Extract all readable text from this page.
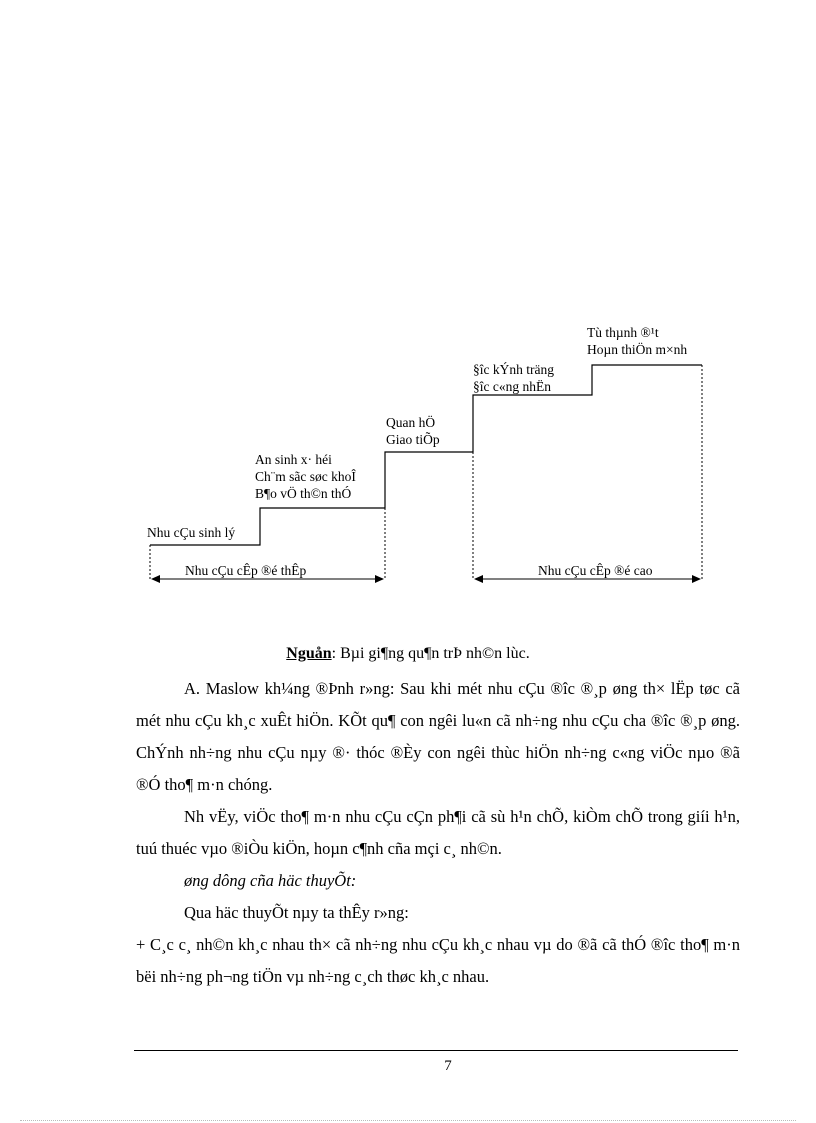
Nhu cÇu sinh lý
An sinh x· héi
Ch¨m sãc søc khoÎ
B¶o vÖ th©n thÓ
Quan hÖ
Giao tiÕp
§îc kÝnh träng
§îc c«ng nhËn
Tù thµnh ®¹t
Hoµn thiÖn m×nh
Nhu cÇu cÊp ®é thÊp	Nhu cÇu cÊp ®é cao
Nguån: Bµi gi¶ng qu¶n trÞ nh©n lùc.
A. Maslow kh¼ng ®Þnh r»ng: Sau khi mét nhu cÇu ®îc ®¸p øng th× lËp tøc cã mét nhu cÇu kh¸c xuÊt hiÖn. KÕt qu¶ con ngêi lu«n cã nh÷ng nhu cÇu cha ®îc ®¸p øng. ChÝnh nh÷ng nhu cÇu nµy ®· thóc ®Èy con ngêi thùc hiÖn nh÷ng c«ng viÖc nµo ®ã ®Ó tho¶ m·n chóng.
Nh vËy, viÖc tho¶ m·n nhu cÇu cÇn ph¶i cã sù h¹n chÕ, kiÒm chÕ trong giíi h¹n, tuú thuéc vµo ®iÒu kiÖn, hoµn c¶nh cña mçi c¸ nh©n.
øng dông cña häc thuyÕt:
Qua häc thuyÕt nµy ta thÊy r»ng:
+ C¸c c¸ nh©n kh¸c nhau th× cã nh÷ng nhu cÇu kh¸c nhau vµ do ®ã cã thÓ ®îc tho¶ m·n bëi nh÷ng ph¬ng tiÖn vµ nh÷ng c¸ch thøc kh¸c nhau.
7
